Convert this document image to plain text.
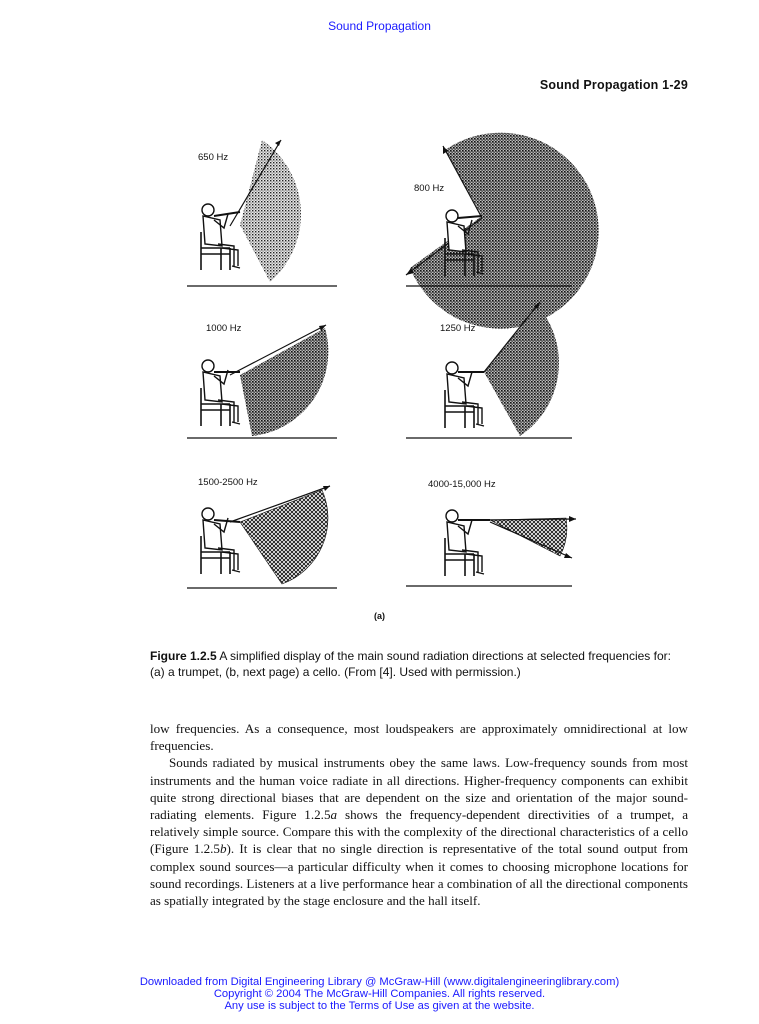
Sound Propagation
Sound Propagation 1-29
650 Hz
800 Hz
1000 Hz	1250 Hz
1500-2500 Hz	4000-15,000 Hz
(a)
Figure 1.2.5 A simplified display of the main sound radiation directions at selected frequencies for: (a) a trumpet, (b, next page) a cello. (From [4]. Used with permission.)

low frequencies. As a consequence, most loudspeakers are approximately omnidirectional at low frequencies.

Sounds radiated by musical instruments obey the same laws. Low-frequency sounds from most instruments and the human voice radiate in all directions. Higher-frequency components can exhibit quite strong directional biases that are dependent on the size and orientation of the major sound-radiating elements. Figure 1.2.5a shows the frequency-dependent directivities of a trumpet, a relatively simple source. Compare this with the complexity of the directional characteristics of a cello (Figure 1.2.5b). It is clear that no single direction is representative of the total sound output from complex sound sources—a particular difficulty when it comes to choosing microphone locations for sound recordings. Listeners at a live performance hear a combination of all the directional components as spatially integrated by the stage enclosure and the hall itself.

Downloaded from Digital Engineering Library @ McGraw-Hill (www.digitalengineeringlibrary.com)
Copyright © 2004 The McGraw-Hill Companies. All rights reserved.
Any use is subject to the Terms of Use as given at the website.
